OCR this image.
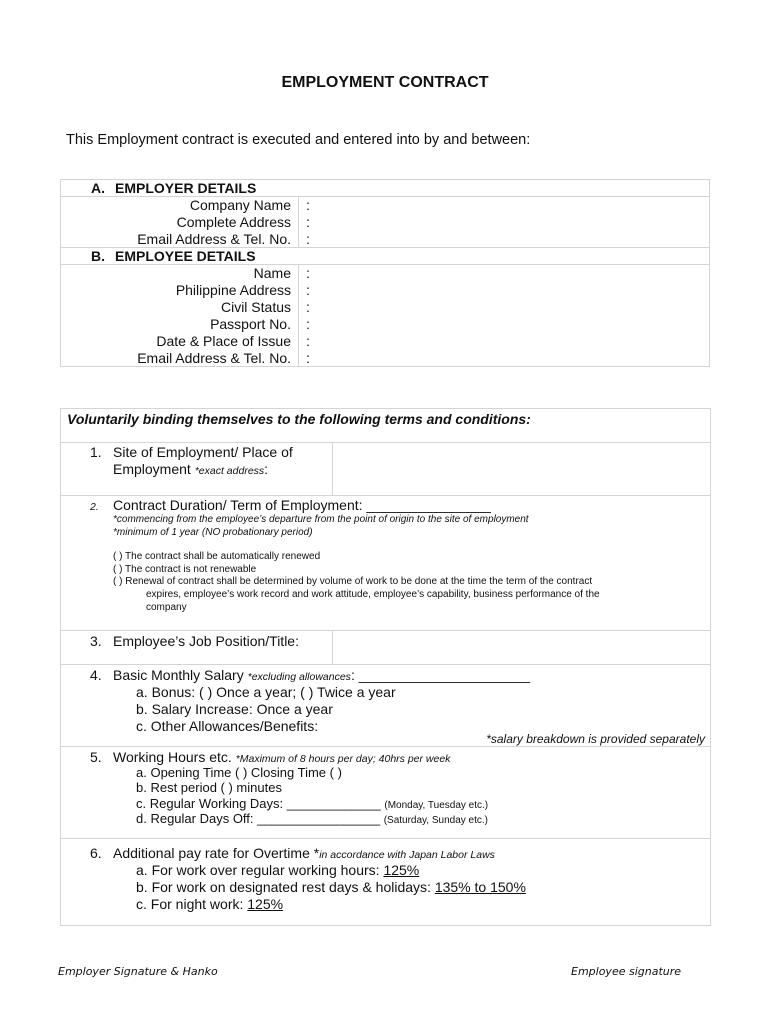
EMPLOYMENT CONTRACT
This Employment contract is executed and entered into by and between:
A. EMPLOYER DETAILS
Company Name :
Complete Address :
Email Address & Tel. No. :
B. EMPLOYEE DETAILS
Name :
Philippine Address :
Civil Status :
Passport No. :
Date & Place of Issue :
Email Address & Tel. No. :
Voluntarily binding themselves to the following terms and conditions:
1. Site of Employment/ Place of
Employment *exact address:
2. Contract Duration/ Term of Employment: ________________
*commencing from the employee’s departure from the point of origin to the site of employment
*minimum of 1 year (NO probationary period)
( ) The contract shall be automatically renewed
( ) The contract is not renewable
( ) Renewal of contract shall be determined by volume of work to be done at the time the term of the contract
expires, employee’s work record and work attitude, employee’s capability, business performance of the
company
3. Employee’s Job Position/Title:
4. Basic Monthly Salary *excluding allowances: ______________________
a. Bonus: ( ) Once a year; ( ) Twice a year
b. Salary Increase: Once a year
c. Other Allowances/Benefits:
*salary breakdown is provided separately
5. Working Hours etc. *Maximum of 8 hours per day; 40hrs per week
a. Opening Time ( ) Closing Time ( )
b. Rest period ( ) minutes
c. Regular Working Days: _____________ (Monday, Tuesday etc.)
d. Regular Days Off: _________________ (Saturday, Sunday etc.)
6. Additional pay rate for Overtime *in accordance with Japan Labor Laws
a. For work over regular working hours: 125%
b. For work on designated rest days & holidays: 135% to 150%
c. For night work: 125%
Employer Signature & Hanko	Employee signature
